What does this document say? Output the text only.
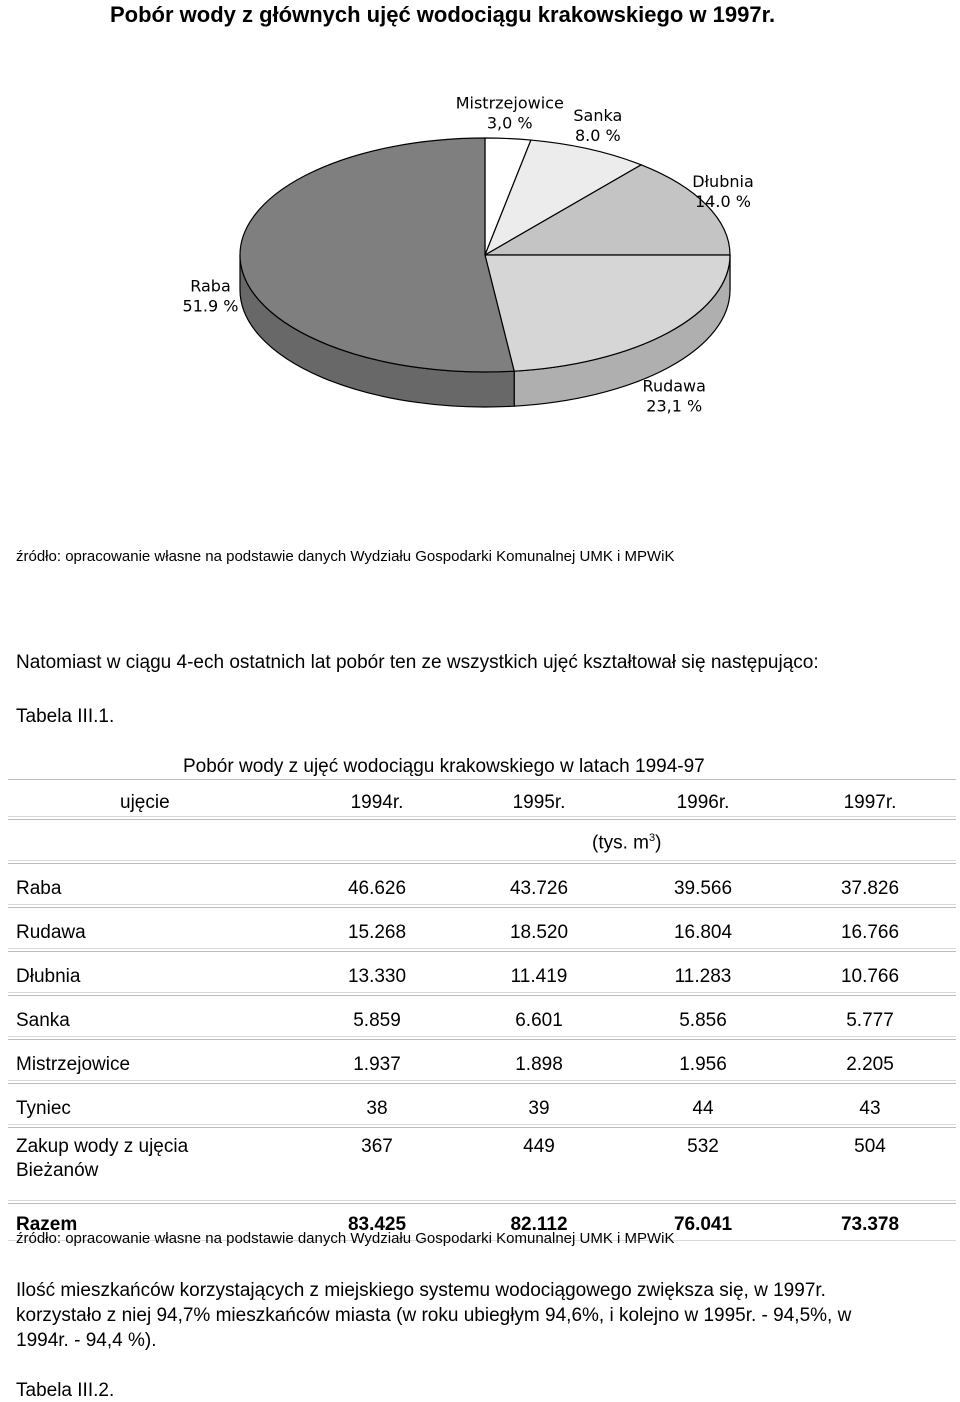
Pobór wody z głównych ujęć wodociągu krakowskiego w 1997r.
Mistrzejowice
3,0 %	Sanka
8.0 %
Dłubnia
14.0 %
Rudawa
23,1 %
Raba
51.9 %
źródło: opracowanie własne na podstawie danych Wydziału Gospodarki Komunalnej UMK i MPWiK
Natomiast w ciągu 4-ech ostatnich lat pobór ten ze wszystkich ujęć kształtował się następująco:
Tabela III.1.
Pobór wody z ujęć wodociągu krakowskiego w latach 1994-97
ujęcie	1994r.	1995r.	1996r.	1997r.
(tys. $m^3$)
Raba	46.626	43.726	39.566	37.826
Rudawa	15.268	18.520	16.804	16.766
Dłubnia	13.330	11.419	11.283	10.766
Sanka	5.859	6.601	5.856	5.777
Mistrzejowice	1.937	1.898	1.956	2.205
Tyniec	38	39	44	43
Zakup wody z ujęcia
Bieżanów
367	449	532	504
Razem	83.425	82.112	76.041	73.378
źródło: opracowanie własne na podstawie danych Wydziału Gospodarki Komunalnej UMK i MPWiK
Ilość mieszkańców korzystających z miejskiego systemu wodociągowego zwiększa się, w 1997r.
korzystało z niej 94,7% mieszkańców miasta (w roku ubiegłym 94,6%, i kolejno w 1995r. - 94,5%, w
1994r. - 94,4 %).
Tabela III.2.
